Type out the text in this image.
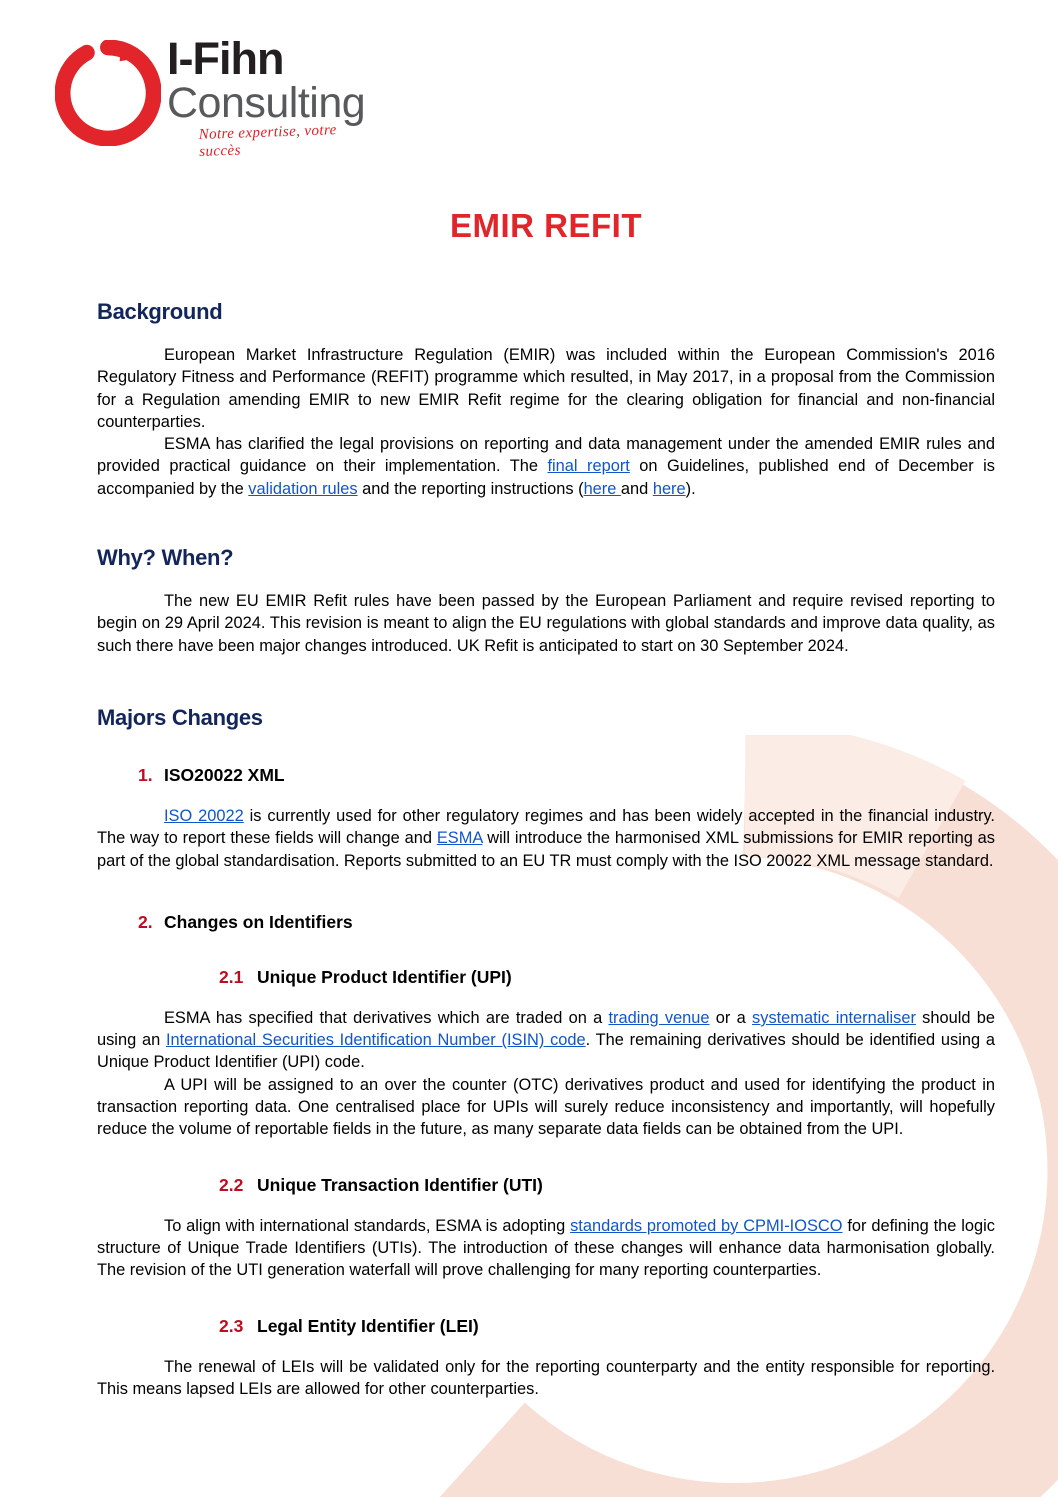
I-Fihn
Consulting
Notre expertise, votre succès
EMIR REFIT
Background

European Market Infrastructure Regulation (EMIR) was included within the European Commission's 2016 Regulatory Fitness and Performance (REFIT) programme which resulted, in May 2017, in a proposal from the Commission for a Regulation amending EMIR to new EMIR Refit regime for the clearing obligation for financial and non-financial counterparties.

ESMA has clarified the legal provisions on reporting and data management under the amended EMIR rules and provided practical guidance on their implementation. The final report on Guidelines, published end of December is accompanied by the validation rules and the reporting instructions (here and here).

Why? When?

The new EU EMIR Refit rules have been passed by the European Parliament and require revised reporting to begin on 29 April 2024. This revision is meant to align the EU regulations with global standards and improve data quality, as such there have been major changes introduced. UK Refit is anticipated to start on 30 September 2024.

Majors Changes
1. ISO20022 XML

ISO 20022 is currently used for other regulatory regimes and has been widely accepted in the financial industry. The way to report these fields will change and ESMA will introduce the harmonised XML submissions for EMIR reporting as part of the global standardisation. Reports submitted to an EU TR must comply with the ISO 20022 XML message standard.

2. Changes on Identifiers
2.1 Unique Product Identifier (UPI)

ESMA has specified that derivatives which are traded on a trading venue or a systematic internaliser should be using an International Securities Identification Number (ISIN) code. The remaining derivatives should be identified using a Unique Product Identifier (UPI) code.

A UPI will be assigned to an over the counter (OTC) derivatives product and used for identifying the product in transaction reporting data. One centralised place for UPIs will surely reduce inconsistency and importantly, will hopefully reduce the volume of reportable fields in the future, as many separate data fields can be obtained from the UPI.

2.2 Unique Transaction Identifier (UTI)

To align with international standards, ESMA is adopting standards promoted by CPMI-IOSCO for defining the logic structure of Unique Trade Identifiers (UTIs). The introduction of these changes will enhance data harmonisation globally. The revision of the UTI generation waterfall will prove challenging for many reporting counterparties.

2.3 Legal Entity Identifier (LEI)

The renewal of LEIs will be validated only for the reporting counterparty and the entity responsible for reporting. This means lapsed LEIs are allowed for other counterparties.
